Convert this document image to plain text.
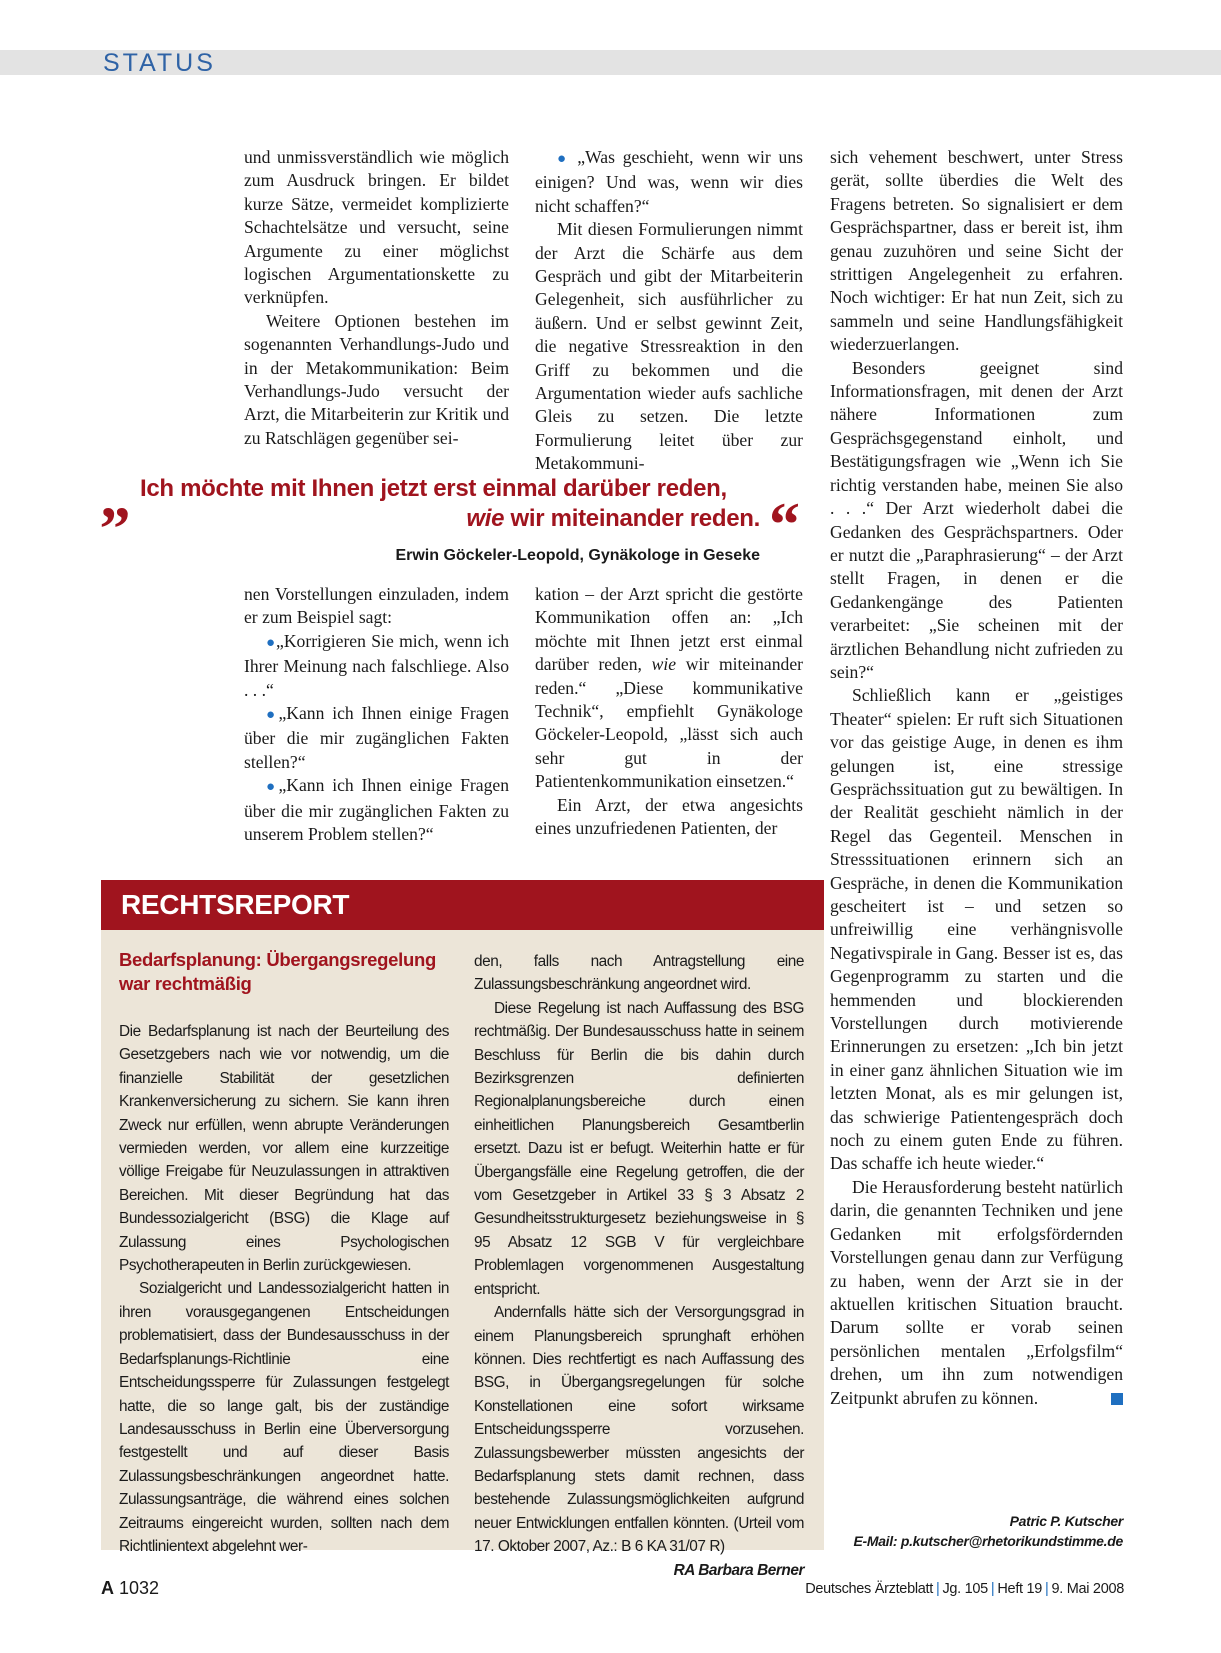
STATUS

und unmissverständlich wie möglich zum Ausdruck bringen. Er bildet kurze Sätze, vermeidet komplizierte Schachtelsätze und versucht, seine Argumente zu einer möglichst logischen Argumentationskette zu verknüpfen.

Weitere Optionen bestehen im sogenannten Verhandlungs-Judo und in der Metakommunikation: Beim Verhandlungs-Judo versucht der Arzt, die Mitarbeiterin zur Kritik und zu Ratschlägen gegenüber sei-

● „Was geschieht, wenn wir uns einigen? Und was, wenn wir dies nicht schaffen?“

Mit diesen Formulierungen nimmt der Arzt die Schärfe aus dem Gespräch und gibt der Mitarbeiterin Gelegenheit, sich ausführlicher zu äußern. Und er selbst gewinnt Zeit, die negative Stressreaktion in den Griff zu bekommen und die Argumentation wieder aufs sachliche Gleis zu setzen. Die letzte Formulierung leitet über zur Metakommuni-

„ Ich möchte mit Ihnen jetzt erst einmal darüber reden,
wie wir miteinander reden. “
Erwin Göckeler-Leopold, Gynäkologe in Geseke

nen Vorstellungen einzuladen, indem er zum Beispiel sagt:

●„Korrigieren Sie mich, wenn ich Ihrer Meinung nach falschliege. Also . . .“

●„Kann ich Ihnen einige Fragen über die mir zugänglichen Fakten stellen?“

●„Kann ich Ihnen einige Fragen über die mir zugänglichen Fakten zu unserem Problem stellen?“

kation – der Arzt spricht die gestörte Kommunikation offen an: „Ich möchte mit Ihnen jetzt erst einmal darüber reden, wie wir miteinander reden.“ „Diese kommunikative Technik“, empfiehlt Gynäkologe Göckeler-Leopold, „lässt sich auch sehr gut in der Patientenkommunikation einsetzen.“

Ein Arzt, der etwa angesichts eines unzufriedenen Patienten, der

sich vehement beschwert, unter Stress gerät, sollte überdies die Welt des Fragens betreten. So signalisiert er dem Gesprächspartner, dass er bereit ist, ihm genau zuzuhören und seine Sicht der strittigen Angelegenheit zu erfahren. Noch wichtiger: Er hat nun Zeit, sich zu sammeln und seine Handlungsfähigkeit wiederzuerlangen.

Besonders geeignet sind Informationsfragen, mit denen der Arzt nähere Informationen zum Gesprächsgegenstand einholt, und Bestätigungsfragen wie „Wenn ich Sie richtig verstanden habe, meinen Sie also . . .“ Der Arzt wiederholt dabei die Gedanken des Gesprächspartners. Oder er nutzt die „Paraphrasierung“ – der Arzt stellt Fragen, in denen er die Gedankengänge des Patienten verarbeitet: „Sie scheinen mit der ärztlichen Behandlung nicht zufrieden zu sein?“

Schließlich kann er „geistiges Theater“ spielen: Er ruft sich Situationen vor das geistige Auge, in denen es ihm gelungen ist, eine stressige Gesprächssituation gut zu bewältigen. In der Realität geschieht nämlich in der Regel das Gegenteil. Menschen in Stresssituationen erinnern sich an Gespräche, in denen die Kommunikation gescheitert ist – und setzen so unfreiwillig eine verhängnisvolle Negativspirale in Gang. Besser ist es, das Gegenprogramm zu starten und die hemmenden und blockierenden Vorstellungen durch motivierende Erinnerungen zu ersetzen: „Ich bin jetzt in einer ganz ähnlichen Situation wie im letzten Monat, als es mir gelungen ist, das schwierige Patientengespräch doch noch zu einem guten Ende zu führen. Das schaffe ich heute wieder.“

Die Herausforderung besteht natürlich darin, die genannten Techniken und jene Gedanken mit erfolgsfördernden Vorstellungen genau dann zur Verfügung zu haben, wenn der Arzt sie in der aktuellen kritischen Situation braucht. Darum sollte er vorab seinen persönlichen mentalen „Erfolgsfilm“ drehen, um ihn zum notwendigen Zeitpunkt abrufen zu können.

Patric P. Kutscher
E-Mail: p.kutscher@rhetorikundstimme.de
RECHTSREPORT
Bedarfsplanung: Übergangsregelung war rechtmäßig

Die Bedarfsplanung ist nach der Beurteilung des Gesetzgebers nach wie vor notwendig, um die finanzielle Stabilität der gesetzlichen Krankenversicherung zu sichern. Sie kann ihren Zweck nur erfüllen, wenn abrupte Veränderungen vermieden werden, vor allem eine kurzzeitige völlige Freigabe für Neuzulassungen in attraktiven Bereichen. Mit dieser Begründung hat das Bundessozialgericht (BSG) die Klage auf Zulassung eines Psychologischen Psychotherapeuten in Berlin zurückgewiesen.

Sozialgericht und Landessozialgericht hatten in ihren vorausgegangenen Entscheidungen problematisiert, dass der Bundesausschuss in der Bedarfsplanungs-Richtlinie eine Entscheidungssperre für Zulassungen festgelegt hatte, die so lange galt, bis der zuständige Landesausschuss in Berlin eine Überversorgung festgestellt und auf dieser Basis Zulassungsbeschränkungen angeordnet hatte. Zulassungsanträge, die während eines solchen Zeitraums eingereicht wurden, sollten nach dem Richtlinientext abgelehnt wer-

den, falls nach Antragstellung eine Zulassungsbeschränkung angeordnet wird.

Diese Regelung ist nach Auffassung des BSG rechtmäßig. Der Bundesausschuss hatte in seinem Beschluss für Berlin die bis dahin durch Bezirksgrenzen definierten Regionalplanungsbereiche durch einen einheitlichen Planungsbereich Gesamtberlin ersetzt. Dazu ist er befugt. Weiterhin hatte er für Übergangsfälle eine Regelung getroffen, die der vom Gesetzgeber in Artikel 33 § 3 Absatz 2 Gesundheitsstrukturgesetz beziehungsweise in § 95 Absatz 12 SGB V für vergleichbare Problemlagen vorgenommenen Ausgestaltung entspricht.

Andernfalls hätte sich der Versorgungsgrad in einem Planungsbereich sprunghaft erhöhen können. Dies rechtfertigt es nach Auffassung des BSG, in Übergangsregelungen für solche Konstellationen eine sofort wirksame Entscheidungssperre vorzusehen. Zulassungsbewerber müssten angesichts der Bedarfsplanung stets damit rechnen, dass bestehende Zulassungsmöglichkeiten aufgrund neuer Entwicklungen entfallen könnten. (Urteil vom 17. Oktober 2007, Az.: B 6 KA 31/07 R)
RA Barbara Berner

A 1032	Deutsches Ärzteblatt | Jg. 105 | Heft 19 | 9. Mai 2008
